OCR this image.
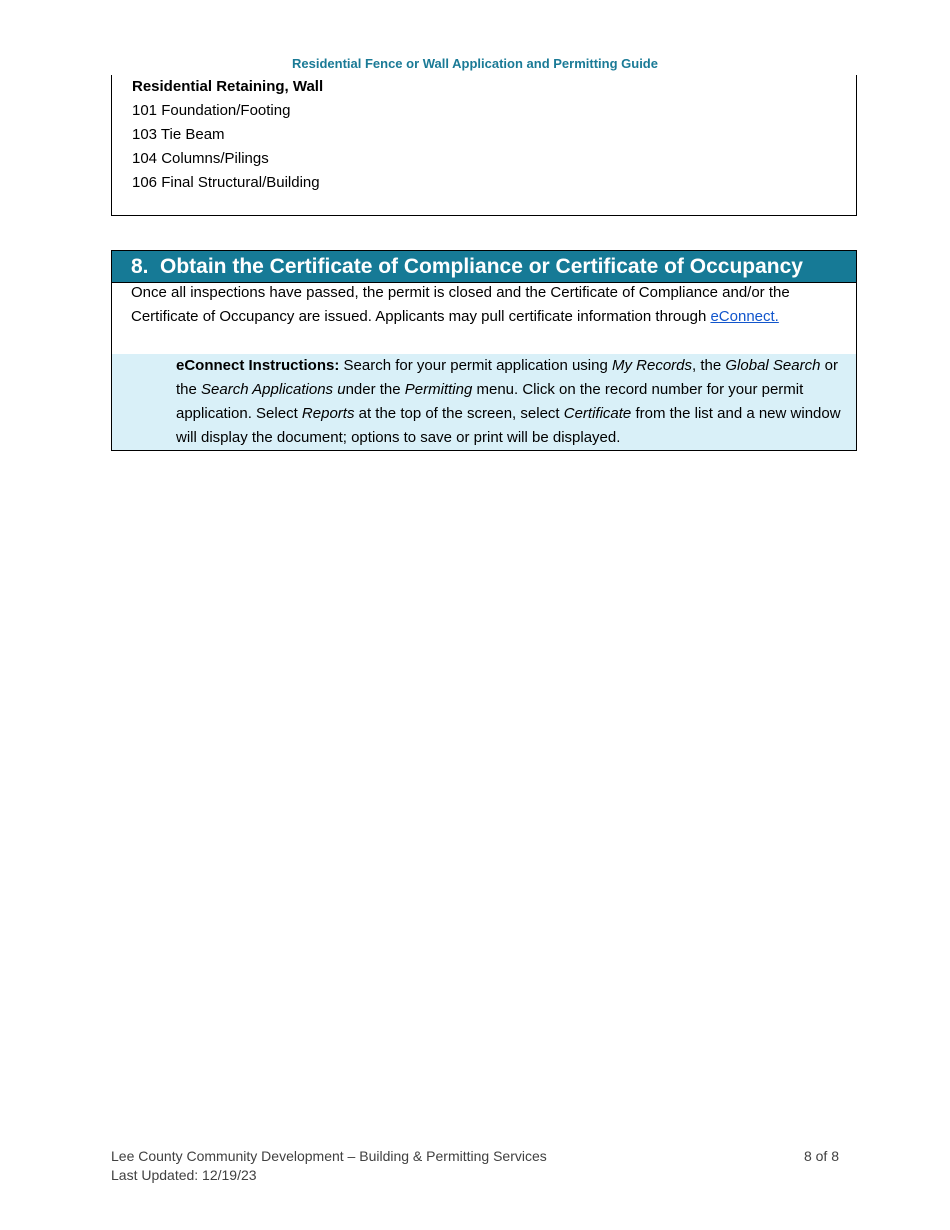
Residential Fence or Wall Application and Permitting Guide
Residential Retaining, Wall
101 Foundation/Footing
103 Tie Beam
104 Columns/Pilings
106 Final Structural/Building
8. Obtain the Certificate of Compliance or Certificate of Occupancy
Once all inspections have passed, the permit is closed and the Certificate of Compliance and/or the Certificate of Occupancy are issued. Applicants may pull certificate information through eConnect.
eConnect Instructions: Search for your permit application using My Records, the Global Search or the Search Applications under the Permitting menu. Click on the record number for your permit application. Select Reports at the top of the screen, select Certificate from the list and a new window will display the document; options to save or print will be displayed.
Lee County Community Development – Building & Permitting Services
Last Updated: 12/19/23
8 of 8
